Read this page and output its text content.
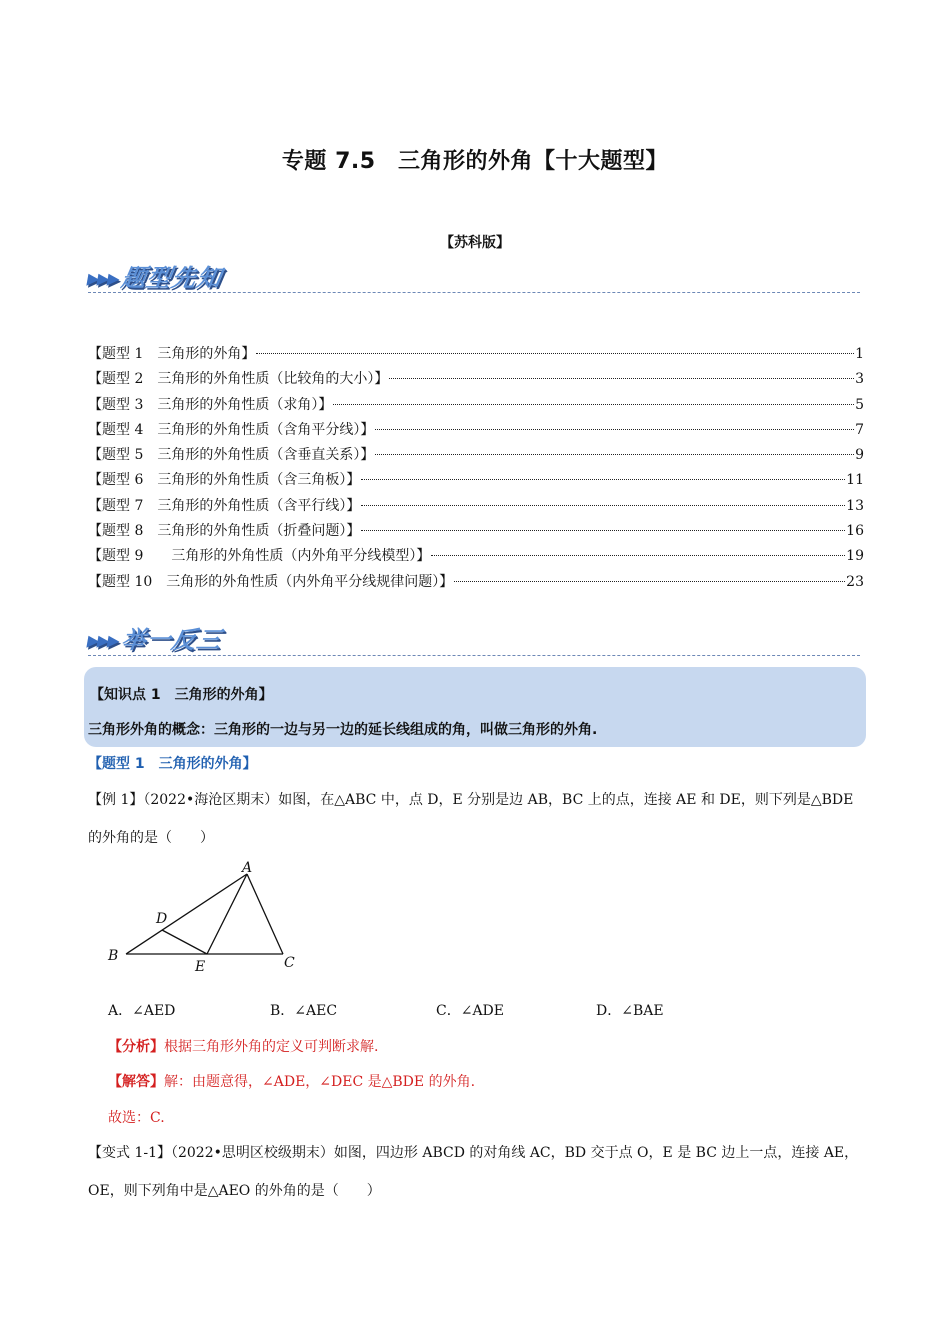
专题 7.5　三角形的外角【十大题型】
【苏科版】
▸▸▸题型先知
【题型 1　三角形的外角】	1
【题型 2　三角形的外角性质（比较角的大小）】	3
【题型 3　三角形的外角性质（求角）】	5
【题型 4　三角形的外角性质（含角平分线）】	7
【题型 5　三角形的外角性质（含垂直关系）】	9
【题型 6　三角形的外角性质（含三角板）】	11
【题型 7　三角形的外角性质（含平行线）】	13
【题型 8　三角形的外角性质（折叠问题）】	16
【题型 9　　三角形的外角性质（内外角平分线模型）】	19
【题型 10　三角形的外角性质（内外角平分线规律问题）】	23
▸▸▸举一反三
【知识点 1　三角形的外角】
三角形外角的概念：三角形的一边与另一边的延长线组成的角，叫做三角形的外角.
【题型 1　三角形的外角】
【例 1】（2022•海沧区期末）如图，在△ABC 中，点 D，E 分别是边 AB，BC 上的点，连接 AE 和 DE，则下列是△BDE 的外角的是（　　）
A
B	C
D
E
A．∠AED	B．∠AEC	C．∠ADE	D．∠BAE
【分析】根据三角形外角的定义可判断求解.
【解答】解：由题意得，∠ADE，∠DEC 是△BDE 的外角.
故选：C.
【变式 1-1】（2022•思明区校级期末）如图，四边形 ABCD 的对角线 AC，BD 交于点 O，E 是 BC 边上一点，连接 AE，OE，则下列角中是△AEO 的外角的是（　　）
